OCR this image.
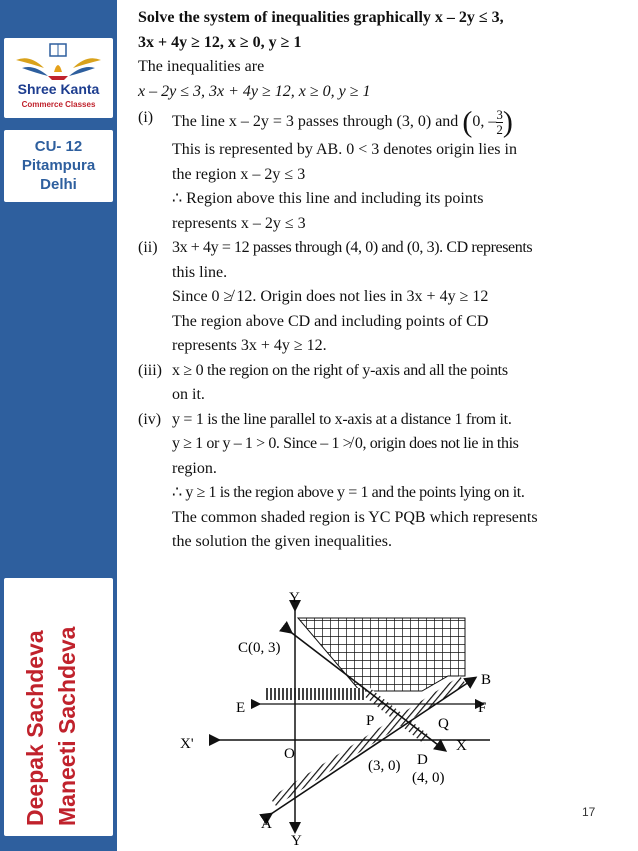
Shree Kanta
Commerce Classes
CU- 12
Pitampura
Delhi
Deepak Sachdeva Maneeti Sachdeva
Solve the system of inequalities graphically x – 2y ≤ 3,
3x + 4y ≥ 12, x ≥ 0, y ≥ 1
The inequalities are
x – 2y ≤ 3, 3x + 4y ≥ 12, x ≥ 0, y ≥ 1
(i) The line x – 2y = 3 passes through (3, 0) and (0, – $\frac{3}{2}$ )
This is represented by AB. 0 < 3 denotes origin lies in
the region x – 2y ≤ 3
∴ Region above this line and including its points
represents x – 2y ≤ 3
(ii) 3x + 4y = 12 passes through (4, 0) and (0, 3). CD represents
this line.
Since 0 ≱ 12. Origin does not lies in 3x + 4y ≥ 12
The region above CD and including points of CD
represents 3x + 4y ≥ 12.
(iii) x ≥ 0 the region on the right of y-axis and all the points
on it.
(iv) y = 1 is the line parallel to x-axis at a distance 1 from it.
y ≥ 1 or y – 1 > 0. Since – 1 ≯ 0, origin does not lie in this
region.
∴ y ≥ 1 is the region above y = 1 and the points lying on it.
The common shaded region is YC PQB which represents
the solution the given inequalities.
Y
Y
X'	X
O
C(0, 3)
E	F
B
P	Q
D
A
(3, 0)
(4, 0)
17
